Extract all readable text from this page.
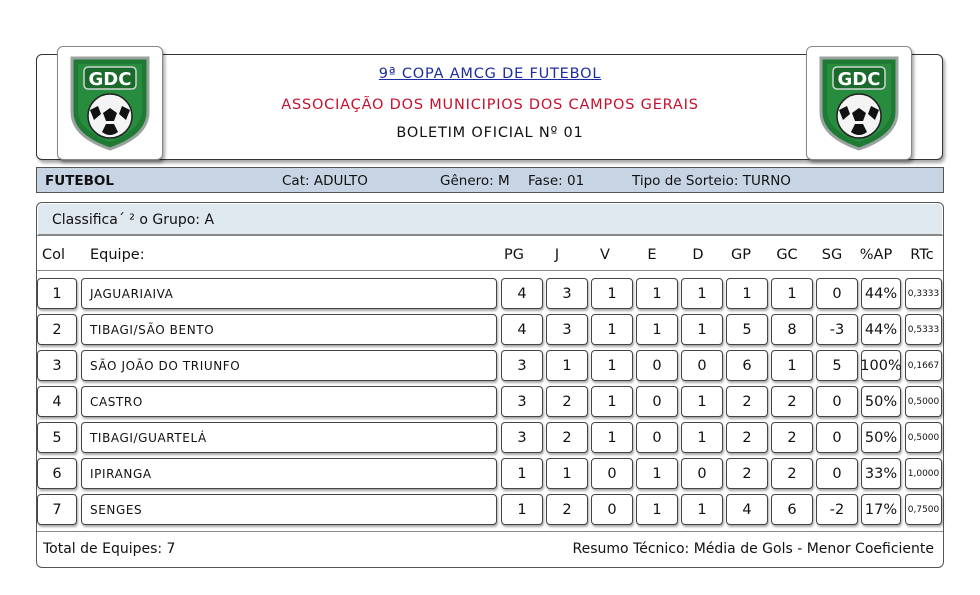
GDC	GDC
9ª COPA AMCG DE FUTEBOL
ASSOCIAÇÃO DOS MUNICIPIOS DOS CAMPOS GERAIS
BOLETIM OFICIAL Nº 01
FUTEBOL	Cat: ADULTO	Gênero: M Fase: 01	Tipo de Sorteio: TURNO
Classifica´ ² o Grupo: A
Col Equipe:	PG	J	V	E	D	GP	GC	SG	%AP	RTc
1	JAGUARIAIVA	4	3	1	1	1	1	1	0	44%	0,3333
2	TIBAGI/SÃO BENTO	4	3	1	1	1	5	8	-3	44%	0,5333
3	SÃO JOÃO DO TRIUNFO	3	1	1	0	0	6	1	5	100% 0,1667
4	CASTRO	3	2	1	0	1	2	2	0	50%	0,5000
5	TIBAGI/GUARTELÁ	3	2	1	0	1	2	2	0	50%	0,5000
6	IPIRANGA	1	1	0	1	0	2	2	0	33%	1,0000
7	SENGES	1	2	0	1	1	4	6	-2	17%	0,7500
Total de Equipes: 7	Resumo Técnico: Média de Gols - Menor Coeficiente
